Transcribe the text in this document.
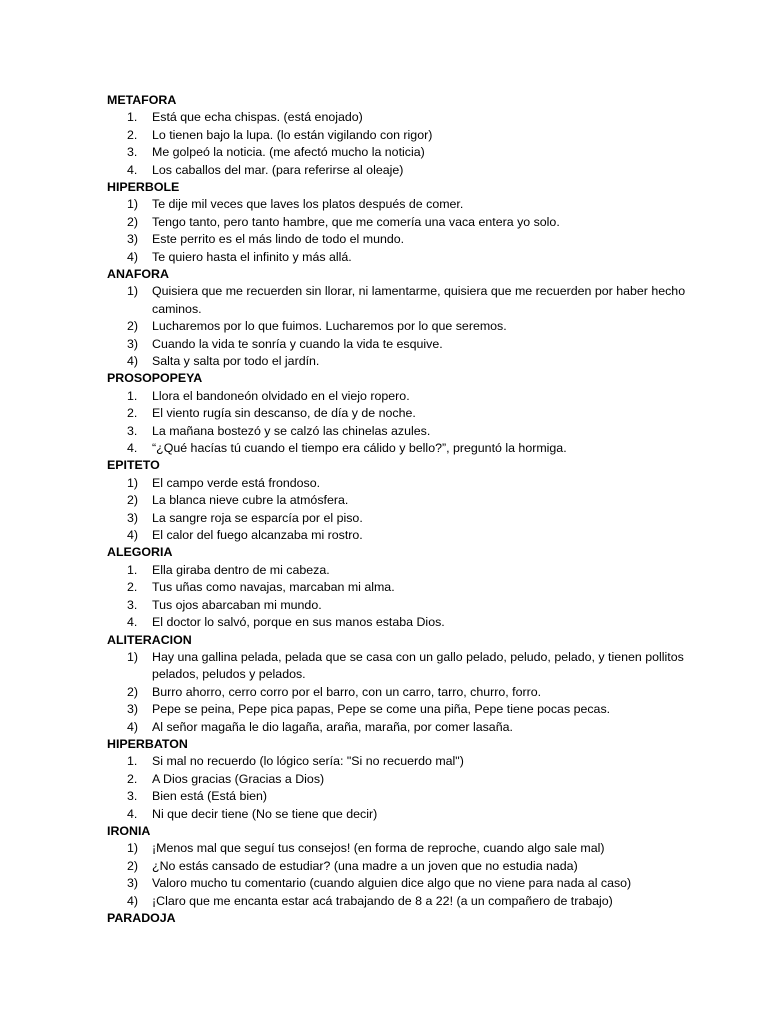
METAFORA
1. Está que echa chispas. (está enojado)
2. Lo tienen bajo la lupa. (lo están vigilando con rigor)
3. Me golpeó la noticia. (me afectó mucho la noticia)
4. Los caballos del mar. (para referirse al oleaje)
HIPERBOLE
1) Te dije mil veces que laves los platos después de comer.
2) Tengo tanto, pero tanto hambre, que me comería una vaca entera yo solo.
3) Este perrito es el más lindo de todo el mundo.
4) Te quiero hasta el infinito y más allá.
ANAFORA
1) Quisiera que me recuerden sin llorar, ni lamentarme, quisiera que me recuerden por haber hecho caminos.
2) Lucharemos por lo que fuimos. Lucharemos por lo que seremos.
3) Cuando la vida te sonría y cuando la vida te esquive.
4) Salta y salta por todo el jardín.
PROSOPOPEYA
1. Llora el bandoneón olvidado en el viejo ropero.
2. El viento rugía sin descanso, de día y de noche.
3. La mañana bostezó y se calzó las chinelas azules.
4. “¿Qué hacías tú cuando el tiempo era cálido y bello?”, preguntó la hormiga.
EPITETO
1) El campo verde está frondoso.
2) La blanca nieve cubre la atmósfera.
3) La sangre roja se esparcía por el piso.
4) El calor del fuego alcanzaba mi rostro.
ALEGORIA
1. Ella giraba dentro de mi cabeza.
2. Tus uñas como navajas, marcaban mi alma.
3. Tus ojos abarcaban mi mundo.
4. El doctor lo salvó, porque en sus manos estaba Dios.
ALITERACION
1) Hay una gallina pelada, pelada que se casa con un gallo pelado, peludo, pelado, y tienen pollitos pelados, peludos y pelados.
2) Burro ahorro, cerro corro por el barro, con un carro, tarro, churro, forro.
3) Pepe se peina, Pepe pica papas, Pepe se come una piña, Pepe tiene pocas pecas.
4) Al señor magaña le dio lagaña, araña, maraña, por comer lasaña.
HIPERBATON
1. Si mal no recuerdo (lo lógico sería: "Si no recuerdo mal")
2. A Dios gracias (Gracias a Dios)
3. Bien está (Está bien)
4. Ni que decir tiene (No se tiene que decir)
IRONIA
1) ¡Menos mal que seguí tus consejos! (en forma de reproche, cuando algo sale mal)
2) ¿No estás cansado de estudiar? (una madre a un joven que no estudia nada)
3) Valoro mucho tu comentario (cuando alguien dice algo que no viene para nada al caso)
4) ¡Claro que me encanta estar acá trabajando de 8 a 22! (a un compañero de trabajo)
PARADOJA
